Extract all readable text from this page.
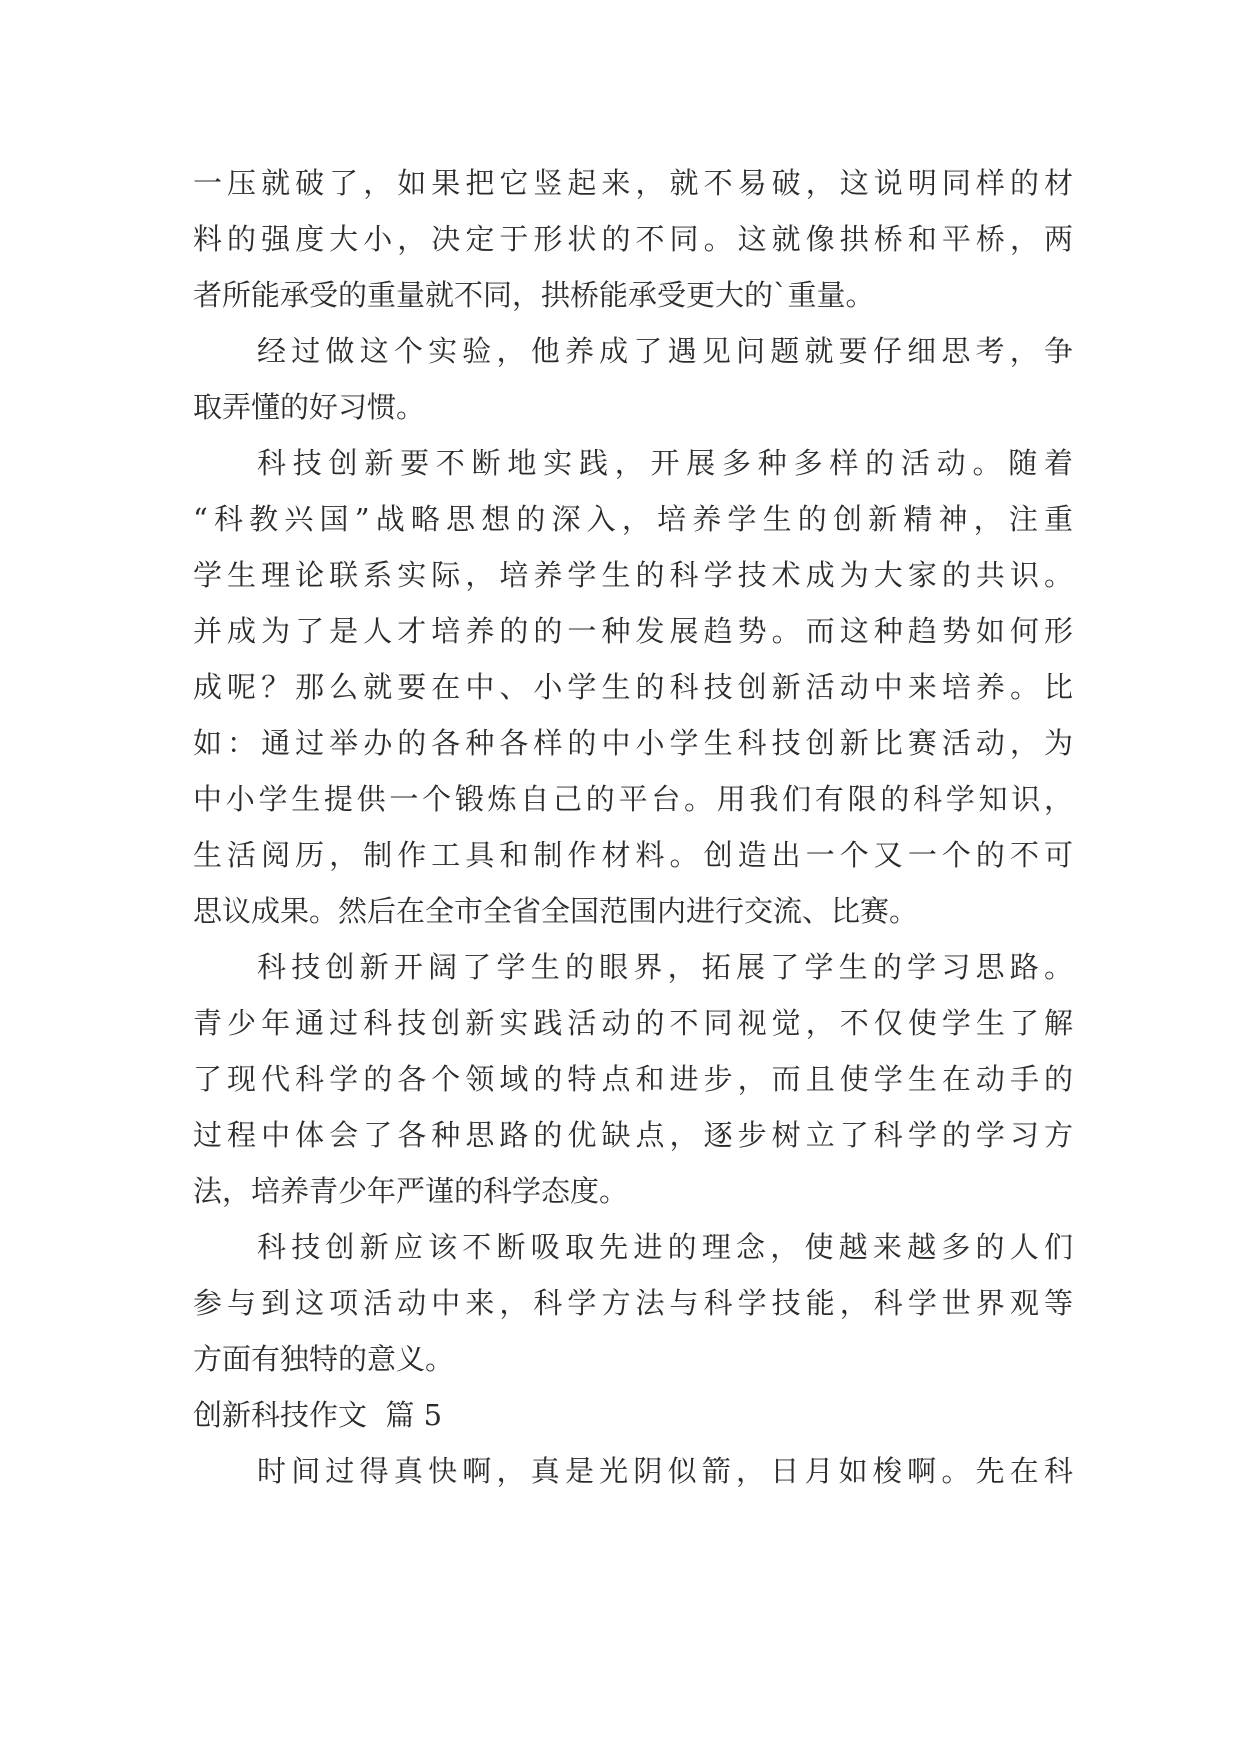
一压就破了，如果把它竖起来，就不易破，这说明同样的材
料的强度大小，决定于形状的不同。这就像拱桥和平桥，两
者所能承受的重量就不同，拱桥能承受更大的`重量。
经过做这个实验，他养成了遇见问题就要仔细思考，争
取弄懂的好习惯。
科技创新要不断地实践，开展多种多样的活动。随着
“科教兴国”战略思想的深入，培养学生的创新精神，注重
学生理论联系实际，培养学生的科学技术成为大家的共识。
并成为了是人才培养的的一种发展趋势。而这种趋势如何形
成呢？那么就要在中、小学生的科技创新活动中来培养。比
如：通过举办的各种各样的中小学生科技创新比赛活动，为
中小学生提供一个锻炼自己的平台。用我们有限的科学知识，
生活阅历，制作工具和制作材料。创造出一个又一个的不可
思议成果。然后在全市全省全国范围内进行交流、比赛。
科技创新开阔了学生的眼界，拓展了学生的学习思路。
青少年通过科技创新实践活动的不同视觉，不仅使学生了解
了现代科学的各个领域的特点和进步，而且使学生在动手的
过程中体会了各种思路的优缺点，逐步树立了科学的学习方
法，培养青少年严谨的科学态度。
科技创新应该不断吸取先进的理念，使越来越多的人们
参与到这项活动中来，科学方法与科学技能，科学世界观等
方面有独特的意义。
创新科技作文  篇 5
时间过得真快啊，真是光阴似箭，日月如梭啊。先在科
